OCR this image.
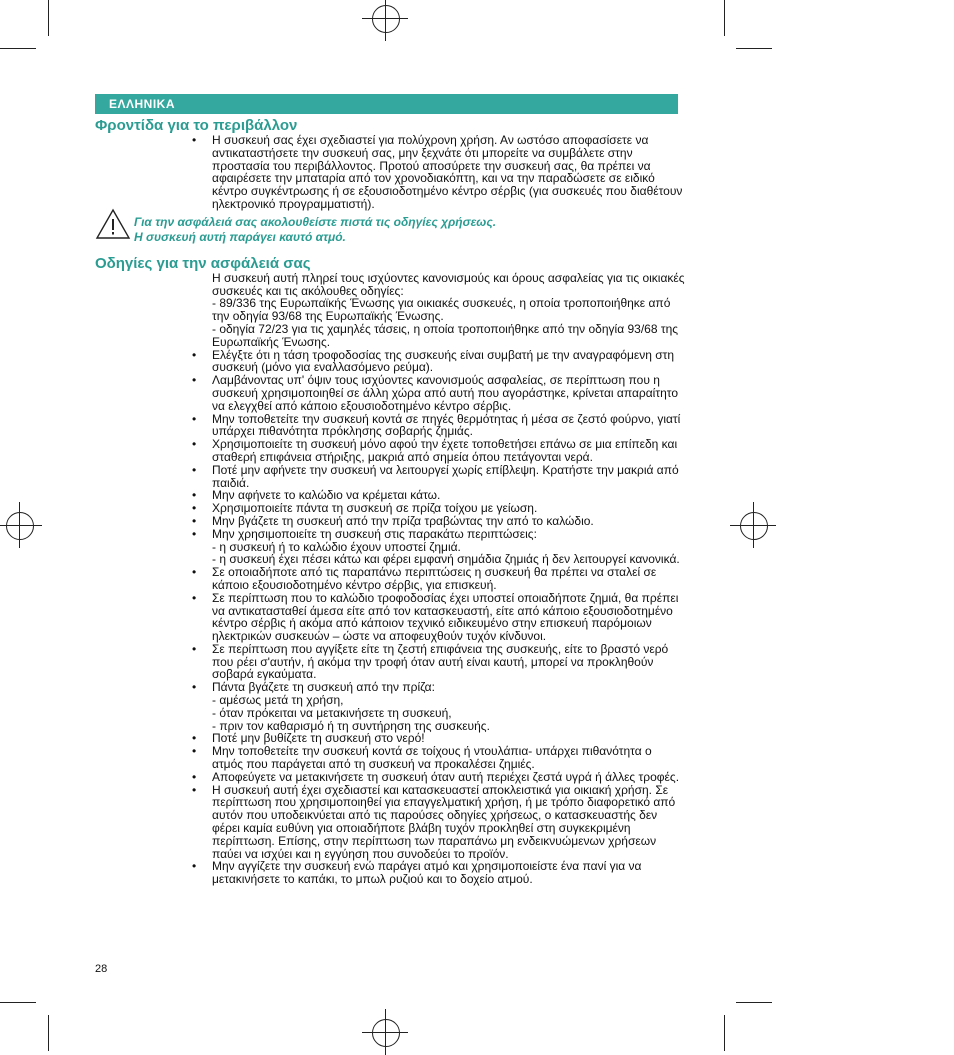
ΕΛΛΗΝΙΚΑ
Φροντίδα για το περιβάλλον
• Η συσκευή σας έχει σχεδιαστεί για πολύχρονη χρήση. Αν ωστόσο αποφασίσετε να αντικαταστήσετε την συσκευή σας, μην ξεχνάτε ότι μπορείτε να συμβάλετε στην προστασία του περιβάλλοντος. Προτού αποσύρετε την συσκευή σας, θα πρέπει να αφαιρέσετε την μπαταρία από τον χρονοδιακόπτη, και να την παραδώσετε σε ειδικό κέντρο συγκέντρωσης ή σε εξουσιοδοτημένο κέντρο σέρβις (για συσκευές που διαθέτουν ηλεκτρονικό προγραμματιστή).
Για την ασφάλειά σας ακολουθείστε πιστά τις οδηγίες χρήσεως.
Η συσκευή αυτή παράγει καυτό ατμό.
Οδηγίες για την ασφάλειά σας
Η συσκευή αυτή πληρεί τους ισχύοντες κανονισμούς και όρους ασφαλείας για τις οικιακές συσκευές και τις ακόλουθες οδηγίες:
- 89/336 της Ευρωπαϊκής Ένωσης για οικιακές συσκευές, η οποία τροποποιήθηκε από την οδηγία 93/68 της Ευρωπαϊκής Ένωσης.
- οδηγία 72/23 για τις χαμηλές τάσεις, η οποία τροποποιήθηκε από την οδηγία 93/68 της Ευρωπαϊκής Ένωσης.
• Ελέγξτε ότι η τάση τροφοδοσίας της συσκευής είναι συμβατή με την αναγραφόμενη στη συσκευή (μόνο για εναλλασόμενο ρεύμα).
• Λαμβάνοντας υπ' όψιν τους ισχύοντες κανονισμούς ασφαλείας, σε περίπτωση που η συσκευή χρησιμοποιηθεί σε άλλη χώρα από αυτή που αγοράστηκε, κρίνεται απαραίτητο να ελεγχθεί από κάποιο εξουσιοδοτημένο κέντρο σέρβις.
• Μην τοποθετείτε την συσκευή κοντά σε πηγές θερμότητας ή μέσα σε ζεστό φούρνο, γιατί υπάρχει πιθανότητα πρόκλησης σοβαρής ζημιάς.
• Χρησιμοποιείτε τη συσκευή μόνο αφού την έχετε τοποθετήσει επάνω σε μια επίπεδη και σταθερή επιφάνεια στήριξης, μακριά από σημεία όπου πετάγονται νερά.
• Ποτέ μην αφήνετε την συσκευή να λειτουργεί χωρίς επίβλεψη. Κρατήστε την μακριά από παιδιά.
• Μην αφήνετε το καλώδιο να κρέμεται κάτω.
• Χρησιμοποιείτε πάντα τη συσκευή σε πρίζα τοίχου με γείωση.
• Μην βγάζετε τη συσκευή από την πρίζα τραβώντας την από το καλώδιο.
• Μην χρησιμοποιείτε τη συσκευή στις παρακάτω περιπτώσεις:
- η συσκευή ή το καλώδιο έχουν υποστεί ζημιά.
- η συσκευή έχει πέσει κάτω και φέρει εμφανή σημάδια ζημιάς ή δεν λειτουργεί κανονικά.
• Σε οποιαδήποτε από τις παραπάνω περιπτώσεις η συσκευή θα πρέπει να σταλεί σε κάποιο εξουσιοδοτημένο κέντρο σέρβις, για επισκευή.
• Σε περίπτωση που το καλώδιο τροφοδοσίας έχει υποστεί οποιαδήποτε ζημιά, θα πρέπει να αντικατασταθεί άμεσα είτε από τον κατασκευαστή, είτε από κάποιο εξουσιοδοτημένο κέντρο σέρβις ή ακόμα από κάποιον τεχνικό ειδικευμένο στην επισκευή παρόμοιων ηλεκτρικών συσκευών – ώστε να αποφευχθούν τυχόν κίνδυνοι.
• Σε περίπτωση που αγγίξετε είτε τη ζεστή επιφάνεια της συσκευής, είτε το βραστό νερό που ρέει σ'αυτήν, ή ακόμα την τροφή όταν αυτή είναι καυτή, μπορεί να προκληθούν σοβαρά εγκαύματα.
• Πάντα βγάζετε τη συσκευή από την πρίζα:
- αμέσως μετά τη χρήση,
- όταν πρόκειται να μετακινήσετε τη συσκευή,
- πριν τον καθαρισμό ή τη συντήρηση της συσκευής.
• Ποτέ μην βυθίζετε τη συσκευή στο νερό!
• Μην τοποθετείτε την συσκευή κοντά σε τοίχους ή ντουλάπια- υπάρχει πιθανότητα ο ατμός που παράγεται από τη συσκευή να προκαλέσει ζημιές.
• Αποφεύγετε να μετακινήσετε τη συσκευή όταν αυτή περιέχει ζεστά υγρά ή άλλες τροφές.
• Η συσκευή αυτή έχει σχεδιαστεί και κατασκευαστεί αποκλειστικά για οικιακή χρήση. Σε περίπτωση που χρησιμοποιηθεί για επαγγελματική χρήση, ή με τρόπο διαφορετικό από αυτόν που υποδεικνύεται από τις παρούσες οδηγίες χρήσεως, ο κατασκευαστής δεν φέρει καμία ευθύνη για οποιαδήποτε βλάβη τυχόν προκληθεί στη συγκεκριμένη περίπτωση. Επίσης, στην περίπτωση των παραπάνω μη ενδεικνυώμενων χρήσεων παύει να ισχύει και η εγγύηση που συνοδεύει το προϊόν.
• Μην αγγίζετε την συσκευή ενώ παράγει ατμό και χρησιμοποιείστε ένα πανί για να μετακινήσετε το καπάκι, το μπωλ ρυζιού και το δοχείο ατμού.
28
